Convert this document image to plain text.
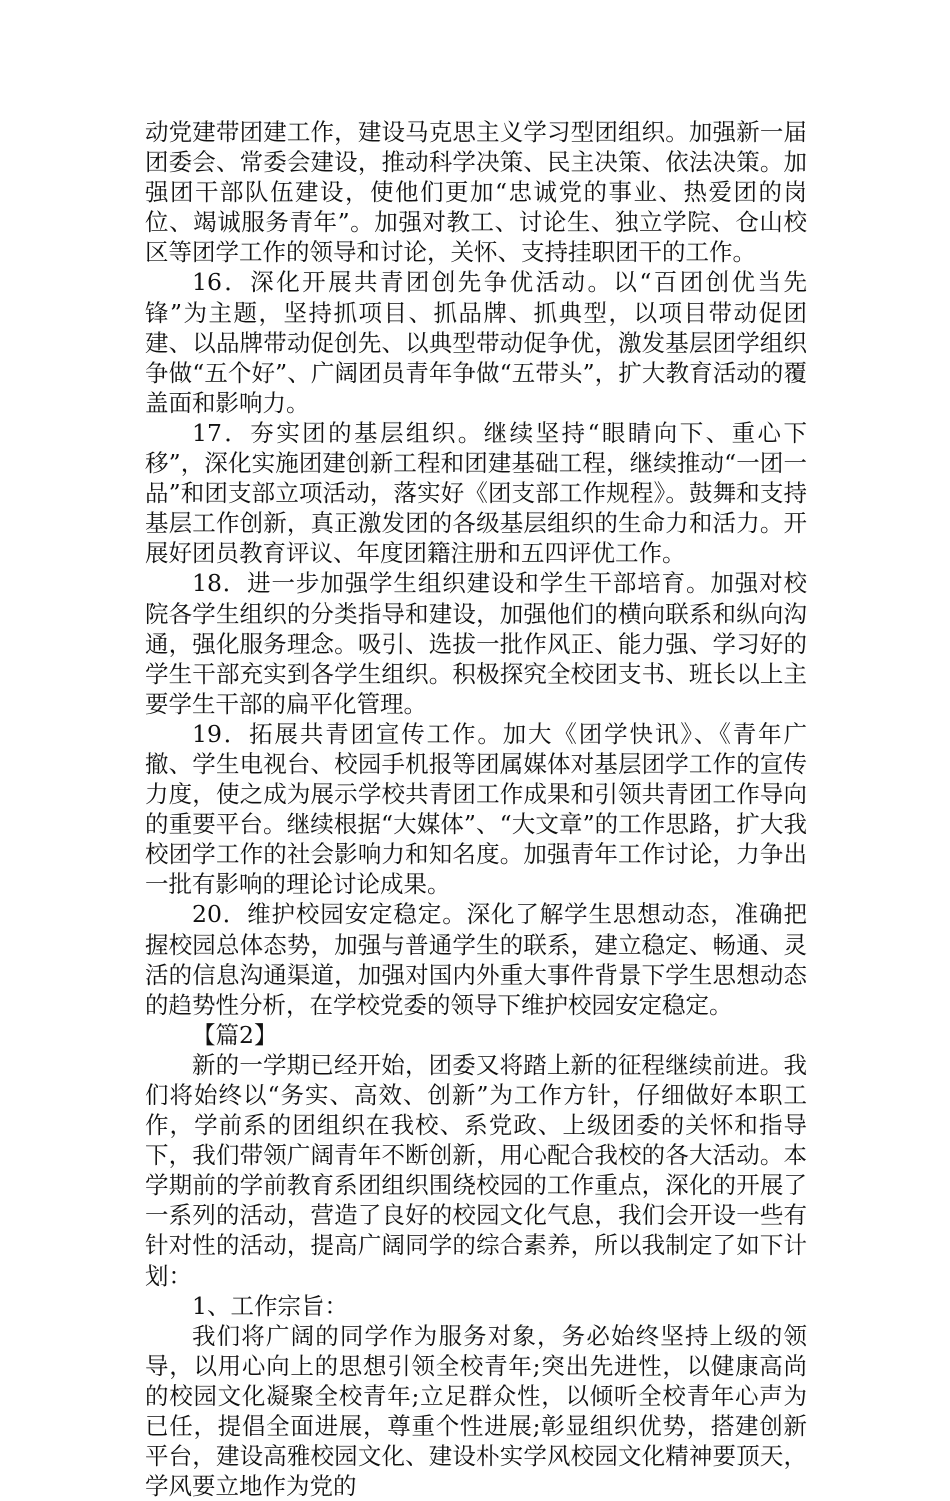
动党建带团建工作，建设马克思主义学习型团组织。加强新一届团委会、常委会建设，推动科学决策、民主决策、依法决策。加强团干部队伍建设，使他们更加“忠诚党的事业、热爱团的岗位、竭诚服务青年”。加强对教工、讨论生、独立学院、仓山校区等团学工作的领导和讨论，关怀、支持挂职团干的工作。

16．深化开展共青团创先争优活动。以“百团创优当先锋”为主题，坚持抓项目、抓品牌、抓典型，以项目带动促团建、以品牌带动促创先、以典型带动促争优，激发基层团学组织争做“五个好”、广阔团员青年争做“五带头”，扩大教育活动的覆盖面和影响力。

17．夯实团的基层组织。继续坚持“眼睛向下、重心下移”，深化实施团建创新工程和团建基础工程，继续推动“一团一品”和团支部立项活动，落实好《团支部工作规程》。鼓舞和支持基层工作创新，真正激发团的各级基层组织的生命力和活力。开展好团员教育评议、年度团籍注册和五四评优工作。

18．进一步加强学生组织建设和学生干部培育。加强对校院各学生组织的分类指导和建设，加强他们的横向联系和纵向沟通，强化服务理念。吸引、选拔一批作风正、能力强、学习好的学生干部充实到各学生组织。积极探究全校团支书、班长以上主要学生干部的扁平化管理。

19．拓展共青团宣传工作。加大《团学快讯》、《青年广撤、学生电视台、校园手机报等团属媒体对基层团学工作的宣传力度，使之成为展示学校共青团工作成果和引领共青团工作导向的重要平台。继续根据“大媒体”、“大文章”的工作思路，扩大我校团学工作的社会影响力和知名度。加强青年工作讨论，力争出一批有影响的理论讨论成果。

20．维护校园安定稳定。深化了解学生思想动态，准确把握校园总体态势，加强与普通学生的联系，建立稳定、畅通、灵活的信息沟通渠道，加强对国内外重大事件背景下学生思想动态的趋势性分析，在学校党委的领导下维护校园安定稳定。

【篇2】

新的一学期已经开始，团委又将踏上新的征程继续前进。我们将始终以“务实、高效、创新”为工作方针，仔细做好本职工作，学前系的团组织在我校、系党政、上级团委的关怀和指导下，我们带领广阔青年不断创新，用心配合我校的各大活动。本学期前的学前教育系团组织围绕校园的工作重点，深化的开展了一系列的活动，营造了良好的校园文化气息，我们会开设一些有针对性的活动，提高广阔同学的综合素养，所以我制定了如下计划：

1、工作宗旨：

我们将广阔的同学作为服务对象，务必始终坚持上级的领导，以用心向上的思想引领全校青年;突出先进性，以健康高尚的校园文化凝聚全校青年;立足群众性，以倾听全校青年心声为已任，提倡全面进展，尊重个性进展;彰显组织优势，搭建创新平台，建设高雅校园文化、建设朴实学风校园文化精神要顶天，学风要立地作为党的
